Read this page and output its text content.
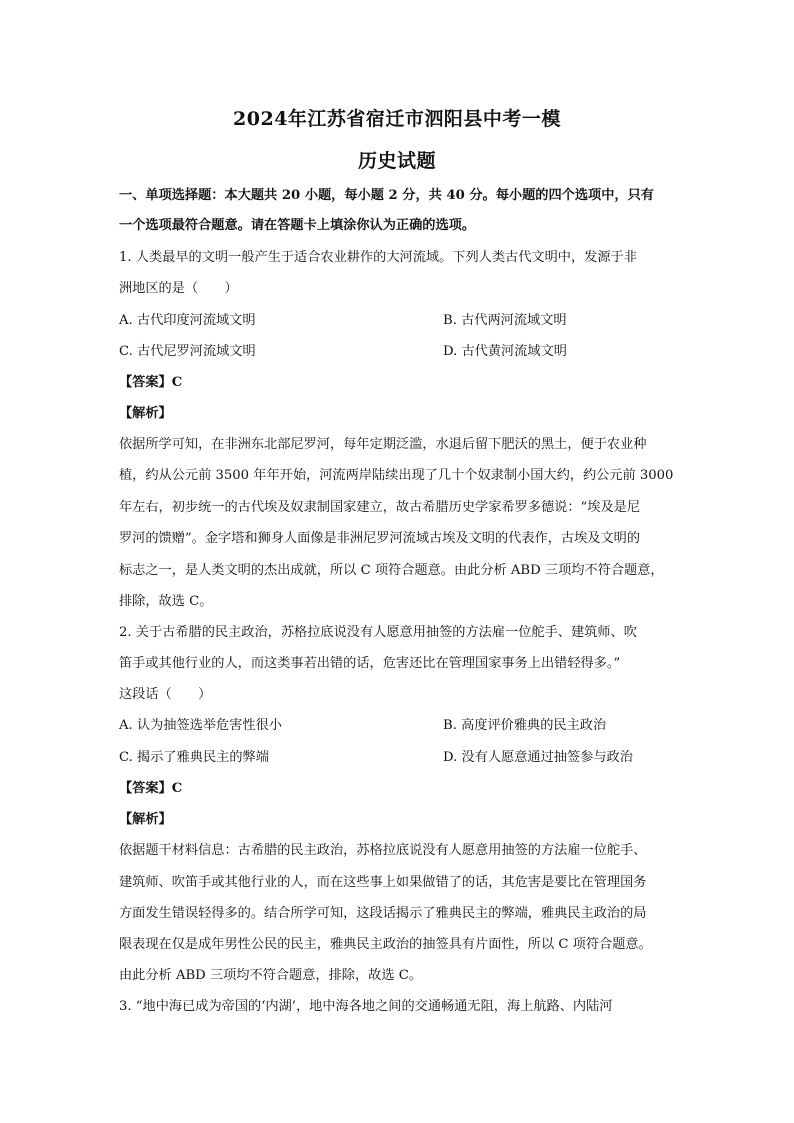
2024年江苏省宿迁市泗阳县中考一模
历史试题
一、单项选择题：本大题共 20 小题，每小题 2 分，共 40 分。每小题的四个选项中，只有
一个选项最符合题意。请在答题卡上填涂你认为正确的选项。
1. 人类最早的文明一般产生于适合农业耕作的大河流域。下列人类古代文明中，发源于非
洲地区的是（　　）
A. 古代印度河流域文明	B. 古代两河流域文明
C. 古代尼罗河流域文明	D. 古代黄河流域文明
【答案】C
【解析】
依据所学可知，在非洲东北部尼罗河，每年定期泛滥，水退后留下肥沃的黑土，便于农业种
植，约从公元前 3500 年年开始，河流两岸陆续出现了几十个奴隶制小国大约，约公元前 3000
年左右，初步统一的古代埃及奴隶制国家建立，故古希腊历史学家希罗多德说：“埃及是尼
罗河的馈赠”。金字塔和狮身人面像是非洲尼罗河流域古埃及文明的代表作，古埃及文明的
标志之一，是人类文明的杰出成就，所以 C 项符合题意。由此分析 ABD 三项均不符合题意，
排除，故选 C。
2. 关于古希腊的民主政治，苏格拉底说没有人愿意用抽签的方法雇一位舵手、建筑师、吹
笛手或其他行业的人，而这类事若出错的话，危害还比在管理国家事务上出错轻得多。”
这段话（　　）
A. 认为抽签选举危害性很小	B. 高度评价雅典的民主政治
C. 揭示了雅典民主的弊端	D. 没有人愿意通过抽签参与政治
【答案】C
【解析】
依据题干材料信息：古希腊的民主政治，苏格拉底说没有人愿意用抽签的方法雇一位舵手、
建筑师、吹笛手或其他行业的人，而在这些事上如果做错了的话，其危害是要比在管理国务
方面发生错误轻得多的。结合所学可知，这段话揭示了雅典民主的弊端，雅典民主政治的局
限表现在仅是成年男性公民的民主，雅典民主政治的抽签具有片面性，所以 C 项符合题意。
由此分析 ABD 三项均不符合题意，排除，故选 C。
3. “地中海已成为帝国的‘内湖’，地中海各地之间的交通畅通无阻，海上航路、内陆河
